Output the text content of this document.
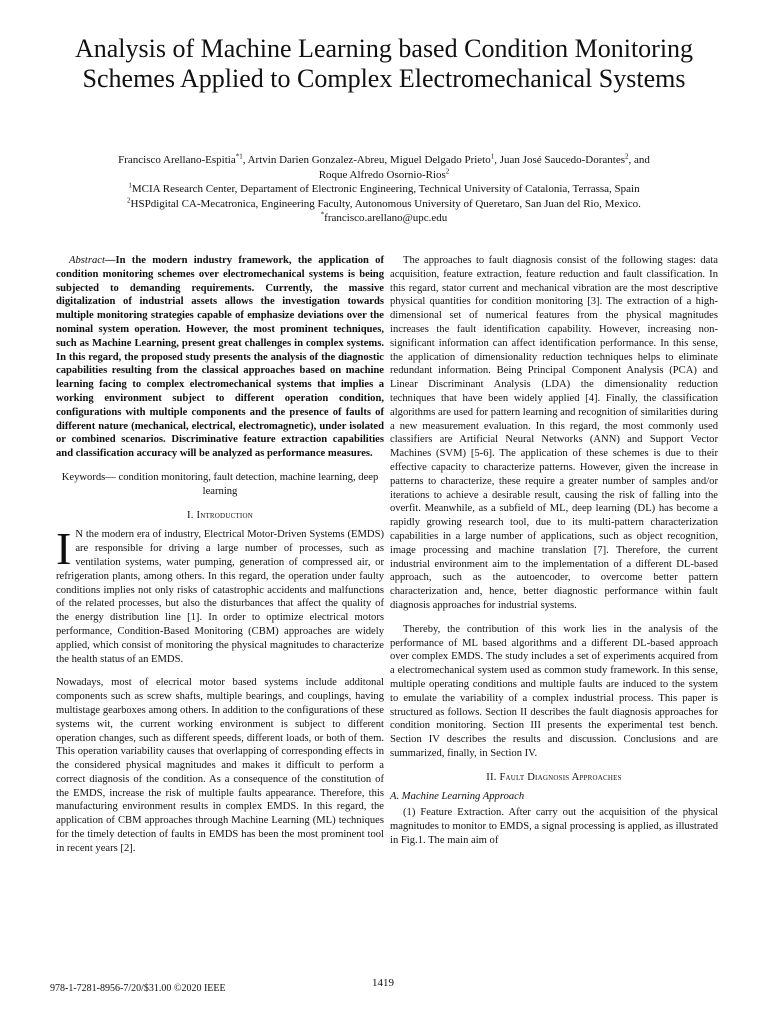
Analysis of Machine Learning based Condition Monitoring Schemes Applied to Complex Electromechanical Systems
Francisco Arellano-Espitia$^{*1}$, Artvin Darien Gonzalez-Abreu, Miguel Delgado Prieto$^1$, Juan José Saucedo-Dorantes$^2$, and
Roque Alfredo Osornio-Rios$^2$
$^1$MCIA Research Center, Departament of Electronic Engineering, Technical University of Catalonia, Terrassa, Spain
$^2$HSPdigital CA-Mecatronica, Engineering Faculty, Autonomous University of Queretaro, San Juan del Rio, Mexico.
*francisco.arellano@upc.edu

Abstract—In the modern industry framework, the application of condition monitoring schemes over electromechanical systems is being subjected to demanding requirements. Currently, the massive digitalization of industrial assets allows the investigation towards multiple monitoring strategies capable of emphasize deviations over the nominal system operation. However, the most prominent techniques, such as Machine Learning, present great challenges in complex systems. In this regard, the proposed study presents the analysis of the diagnostic capabilities resulting from the classical approaches based on machine learning facing to complex electromechanical systems that implies a working environment subject to different operation condition, configurations with multiple components and the presence of faults of different nature (mechanical, electrical, electromagnetic), under isolated or combined scenarios. Discriminative feature extraction capabilities and classification accuracy will be analyzed as performance measures.

Keywords— condition monitoring, fault detection, machine learning, deep learning
I. Introduction

IN the modern era of industry, Electrical Motor-Driven Systems (EMDS) are responsible for driving a large number of processes, such as ventilation systems, water pumping, generation of compressed air, or refrigeration plants, among others. In this regard, the operation under faulty conditions implies not only risks of catastrophic accidents and malfunctions of the related processes, but also the disturbances that affect the quality of the energy distribution line [1]. In order to optimize electrical motors performance, Condition-Based Monitoring (CBM) approaches are widely applied, which consist of monitoring the physical magnitudes to characterize the health status of an EMDS.

Nowadays, most of elecrical motor based systems include additonal components such as screw shafts, multiple bearings, and couplings, having multistage gearboxes among others. In addition to the configurations of these systems wit, the current working environment is subject to different operation changes, such as different speeds, different loads, or both of them. This operation variability causes that overlapping of corresponding effects in the considered physical magnitudes and makes it difficult to perform a correct diagnosis of the condition. As a consequence of the constitution of the EMDS, increase the risk of multiple faults appearance. Therefore, this manufacturing environment results in complex EMDS. In this regard, the application of CBM approaches through Machine Learning (ML) techniques for the timely detection of faults in EMDS has been the most prominent tool in recent years [2].

The approaches to fault diagnosis consist of the following stages: data acquisition, feature extraction, feature reduction and fault classification. In this regard, stator current and mechanical vibration are the most descriptive physical quantities for condition monitoring [3]. The extraction of a high-dimensional set of numerical features from the physical magnitudes increases the fault identification capability. However, increasing non-significant information can affect identification performance. In this sense, the application of dimensionality reduction techniques helps to eliminate redundant information. Being Principal Component Analysis (PCA) and Linear Discriminant Analysis (LDA) the dimensionality reduction techniques that have been widely applied [4]. Finally, the classification algorithms are used for pattern learning and recognition of similarities during a new measurement evaluation. In this regard, the most commonly used classifiers are Artificial Neural Networks (ANN) and Support Vector Machines (SVM) [5-6]. The application of these schemes is due to their effective capacity to characterize patterns. However, given the increase in patterns to characterize, these require a greater number of samples and/or iterations to achieve a desirable result, causing the risk of falling into the overfit. Meanwhile, as a subfield of ML, deep learning (DL) has become a rapidly growing research tool, due to its multi-pattern characterization capabilities in a large number of applications, such as object recognition, image processing and machine translation [7]. Therefore, the current industrial environment aim to the implementation of a different DL-based approach, such as the autoencoder, to overcome better pattern characterization and, hence, better diagnostic performance within fault diagnosis approaches for industrial systems.

Thereby, the contribution of this work lies in the analysis of the performance of ML based algorithms and a different DL-based approach over complex EMDS. The study includes a set of experiments acquired from a electromechanical system used as common study framework. In this sense, multiple operating conditions and multiple faults are induced to the system to emulate the variability of a complex industrial process. This paper is structured as follows. Section II describes the fault diagnosis approaches for condition monitoring. Section III presents the experimental test bench. Section IV describes the results and discussion. Conclusions and are summarized, finally, in Section IV.

II. Fault Diagnosis Approaches
A. Machine Learning Approach

(1) Feature Extraction. After carry out the acquisition of the physical magnitudes to monitor to EMDS, a signal processing is applied, as illustrated in Fig.1. The main aim of

978-1-7281-8956-7/20/$31.00 ©2020 IEEE	1419
